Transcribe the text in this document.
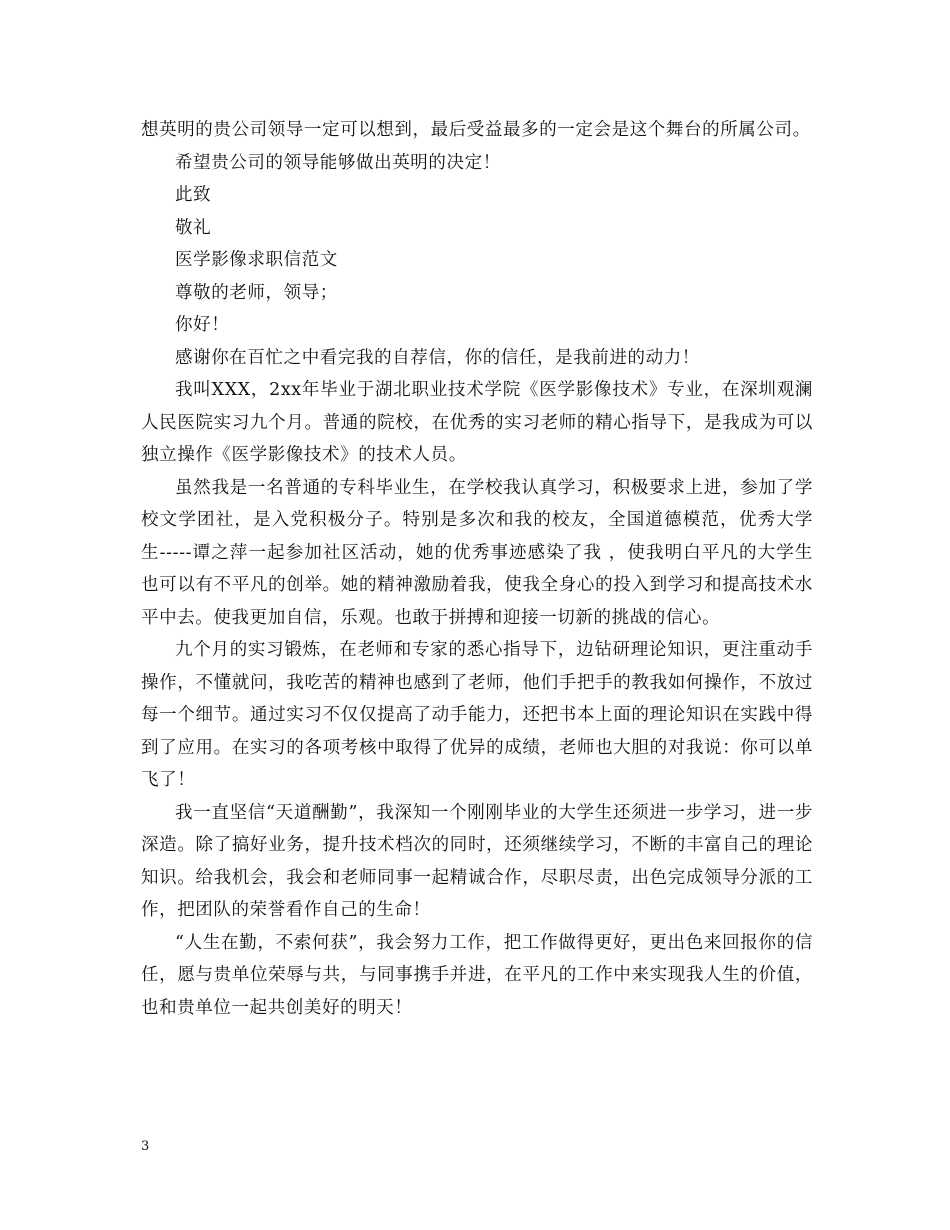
想英明的贵公司领导一定可以想到，最后受益最多的一定会是这个舞台的所属公司。

希望贵公司的领导能够做出英明的决定！

此致

敬礼

医学影像求职信范文

尊敬的老师，领导；

你好！

感谢你在百忙之中看完我的自荐信，你的信任，是我前进的动力！

我叫XXX，2xx年毕业于湖北职业技术学院《医学影像技术》专业，在深圳观澜人民医院实习九个月。普通的院校，在优秀的实习老师的精心指导下，是我成为可以独立操作《医学影像技术》的技术人员。

虽然我是一名普通的专科毕业生，在学校我认真学习，积极要求上进，参加了学校文学团社，是入党积极分子。特别是多次和我的校友，全国道德模范，优秀大学生-----谭之萍一起参加社区活动，她的优秀事迹感染了我 ，使我明白平凡的大学生也可以有不平凡的创举。她的精神激励着我，使我全身心的投入到学习和提高技术水平中去。使我更加自信，乐观。也敢于拼搏和迎接一切新的挑战的信心。

九个月的实习锻炼，在老师和专家的悉心指导下，边钻研理论知识，更注重动手操作，不懂就问，我吃苦的精神也感到了老师，他们手把手的教我如何操作，不放过每一个细节。通过实习不仅仅提高了动手能力，还把书本上面的理论知识在实践中得到了应用。在实习的各项考核中取得了优异的成绩，老师也大胆的对我说：你可以单飞了！

我一直坚信“天道酬勤”，我深知一个刚刚毕业的大学生还须进一步学习，进一步深造。除了搞好业务，提升技术档次的同时，还须继续学习，不断的丰富自己的理论知识。给我机会，我会和老师同事一起精诚合作，尽职尽责，出色完成领导分派的工作，把团队的荣誉看作自己的生命！

“人生在勤，不索何获”，我会努力工作，把工作做得更好，更出色来回报你的信任，愿与贵单位荣辱与共，与同事携手并进，在平凡的工作中来实现我人生的价值，也和贵单位一起共创美好的明天！

3
